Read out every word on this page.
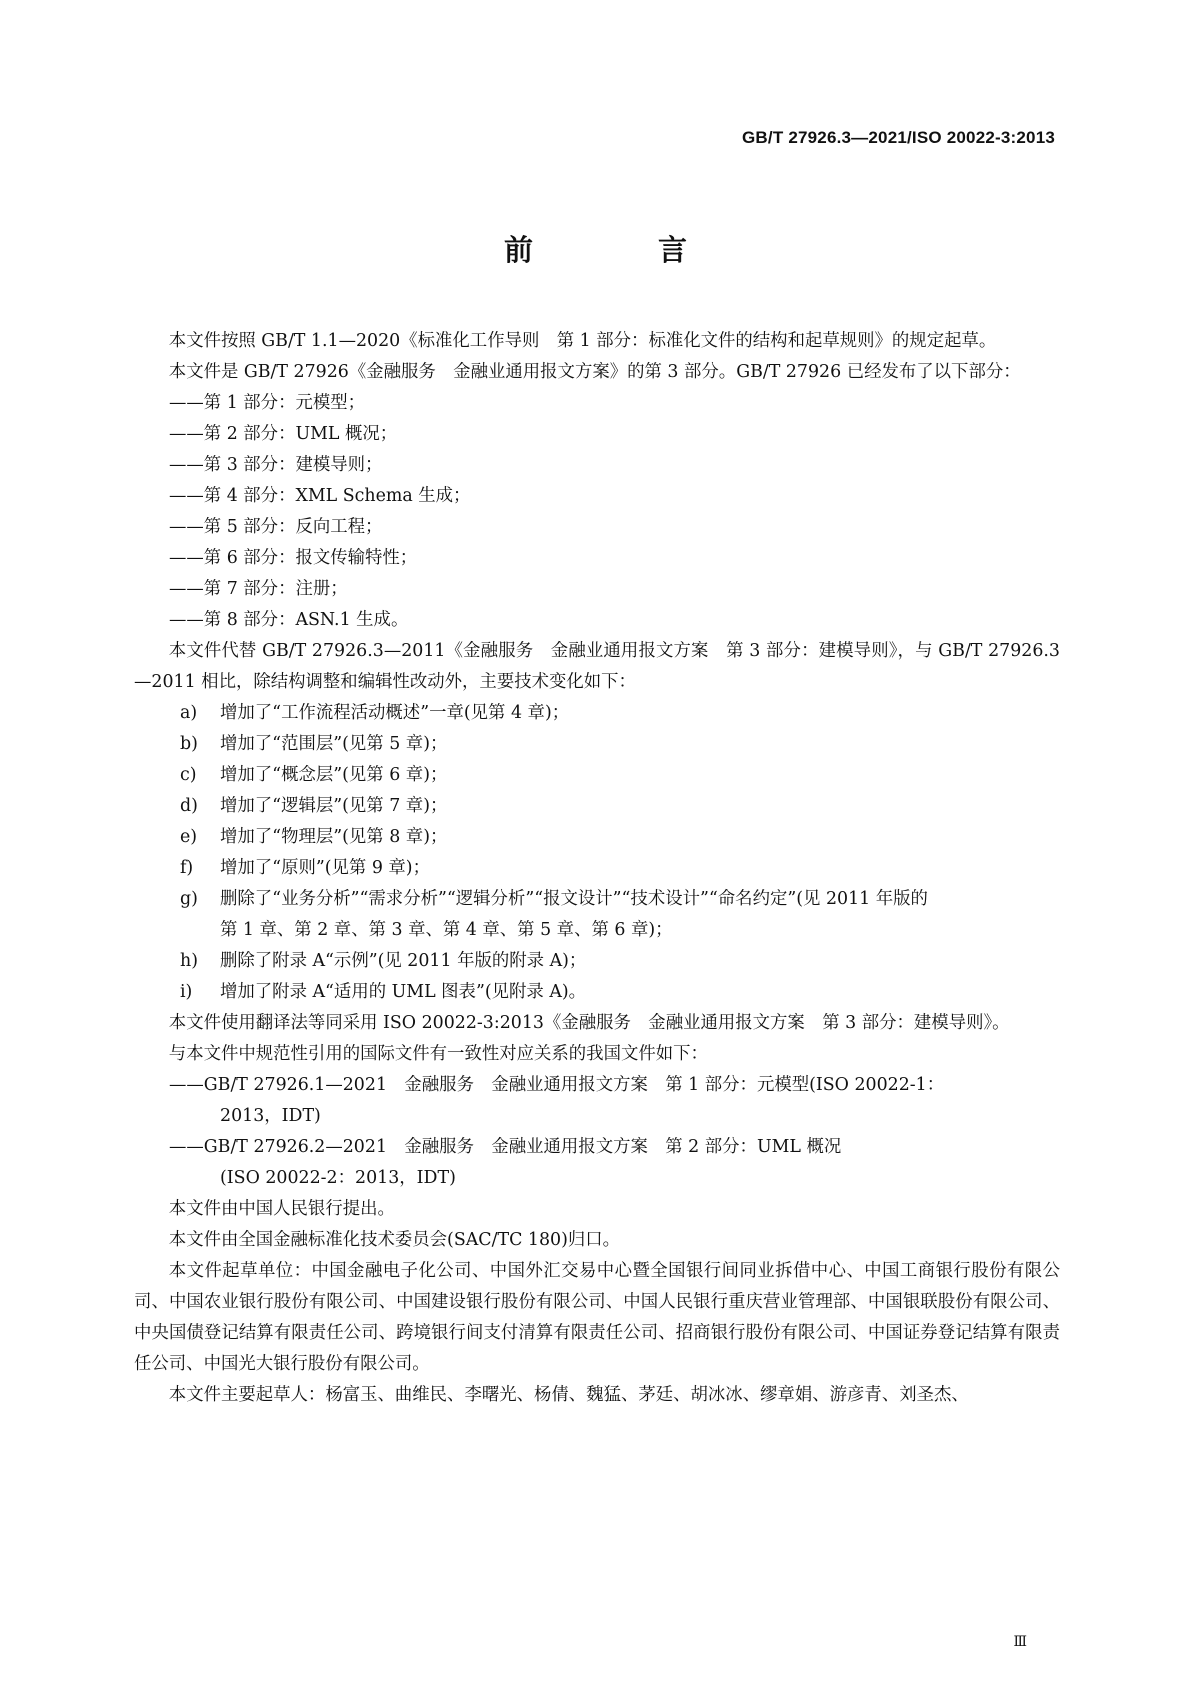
GB/T 27926.3—2021/ISO 20022-3:2013
前　言

本文件按照 GB/T 1.1—2020《标准化工作导则　第 1 部分：标准化文件的结构和起草规则》的规定起草。

本文件是 GB/T 27926《金融服务　金融业通用报文方案》的第 3 部分。GB/T 27926 已经发布了以下部分：

——第 1 部分：元模型；

——第 2 部分：UML 概况；

——第 3 部分：建模导则；

——第 4 部分：XML Schema 生成；

——第 5 部分：反向工程；

——第 6 部分：报文传输特性；

——第 7 部分：注册；

——第 8 部分：ASN.1 生成。

本文件代替 GB/T 27926.3—2011《金融服务　金融业通用报文方案　第 3 部分：建模导则》，与 GB/T 27926.3—2011 相比，除结构调整和编辑性改动外，主要技术变化如下：

a) 增加了“工作流程活动概述”一章(见第 4 章)；

b) 增加了“范围层”(见第 5 章)；

c) 增加了“概念层”(见第 6 章)；

d) 增加了“逻辑层”(见第 7 章)；

e) 增加了“物理层”(见第 8 章)；

f) 增加了“原则”(见第 9 章)；

g) 删除了“业务分析”“需求分析”“逻辑分析”“报文设计”“技术设计”“命名约定”(见 2011 年版的

第 1 章、第 2 章、第 3 章、第 4 章、第 5 章、第 6 章)；

h) 删除了附录 A“示例”(见 2011 年版的附录 A)；

i) 增加了附录 A“适用的 UML 图表”(见附录 A)。

本文件使用翻译法等同采用 ISO 20022-3:2013《金融服务　金融业通用报文方案　第 3 部分：建模导则》。

与本文件中规范性引用的国际文件有一致性对应关系的我国文件如下：

——GB/T 27926.1—2021　金融服务　金融业通用报文方案　第 1 部分：元模型(ISO 20022-1：

2013，IDT)

——GB/T 27926.2—2021　金融服务　金融业通用报文方案　第 2 部分：UML 概况

(ISO 20022-2：2013，IDT)

本文件由中国人民银行提出。

本文件由全国金融标准化技术委员会(SAC/TC 180)归口。

本文件起草单位：中国金融电子化公司、中国外汇交易中心暨全国银行间同业拆借中心、中国工商银行股份有限公司、中国农业银行股份有限公司、中国建设银行股份有限公司、中国人民银行重庆营业管理部、中国银联股份有限公司、中央国债登记结算有限责任公司、跨境银行间支付清算有限责任公司、招商银行股份有限公司、中国证券登记结算有限责任公司、中国光大银行股份有限公司。

本文件主要起草人：杨富玉、曲维民、李曙光、杨倩、魏猛、茅廷、胡冰冰、缪章娟、游彦青、刘圣杰、

Ⅲ
